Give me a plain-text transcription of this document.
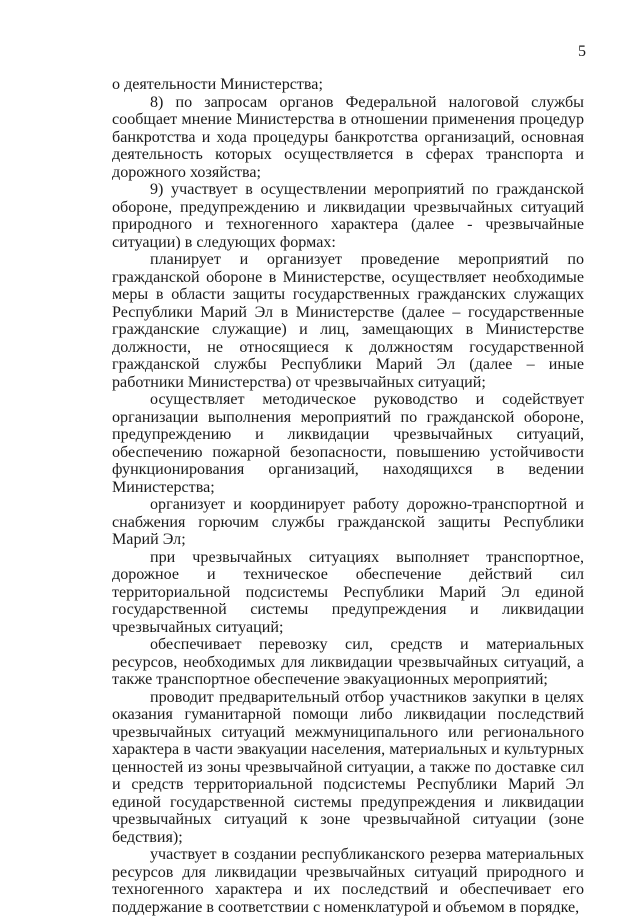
5

о деятельности Министерства;

8) по запросам органов Федеральной налоговой службы сообщает мнение Министерства в отношении применения процедур банкротства и хода процедуры банкротства организаций, основная деятельность которых осуществляется в сферах транспорта и дорожного хозяйства;

9) участвует в осуществлении мероприятий по гражданской обороне, предупреждению и ликвидации чрезвычайных ситуаций природного и техногенного характера (далее - чрезвычайные ситуации) в следующих формах:

планирует и организует проведение мероприятий по гражданской обороне в Министерстве, осуществляет необходимые меры в области защиты государственных гражданских служащих Республики Марий Эл в Министерстве (далее – государственные гражданские служащие) и лиц, замещающих в Министерстве должности, не относящиеся к должностям государственной гражданской службы Республики Марий Эл (далее – иные работники Министерства) от чрезвычайных ситуаций;

осуществляет методическое руководство и содействует организации выполнения мероприятий по гражданской обороне, предупреждению и ликвидации чрезвычайных ситуаций, обеспечению пожарной безопасности, повышению устойчивости функционирования организаций, находящихся в ведении Министерства;

организует и координирует работу дорожно-транспортной и снабжения горючим службы гражданской защиты Республики Марий Эл;

при чрезвычайных ситуациях выполняет транспортное, дорожное и техническое обеспечение действий сил территориальной подсистемы Республики Марий Эл единой государственной системы предупреждения и ликвидации чрезвычайных ситуаций;

обеспечивает перевозку сил, средств и материальных ресурсов, необходимых для ликвидации чрезвычайных ситуаций, а также транспортное обеспечение эвакуационных мероприятий;

проводит предварительный отбор участников закупки в целях оказания гуманитарной помощи либо ликвидации последствий чрезвычайных ситуаций межмуниципального или регионального характера в части эвакуации населения, материальных и культурных ценностей из зоны чрезвычайной ситуации, а также по доставке сил и средств территориальной подсистемы Республики Марий Эл единой государственной системы предупреждения и ликвидации чрезвычайных ситуаций к зоне чрезвычайной ситуации (зоне бедствия);

участвует в создании республиканского резерва материальных ресурсов для ликвидации чрезвычайных ситуаций природного и техногенного характера и их последствий и обеспечивает его поддержание в соответствии с номенклатурой и объемом в порядке,
